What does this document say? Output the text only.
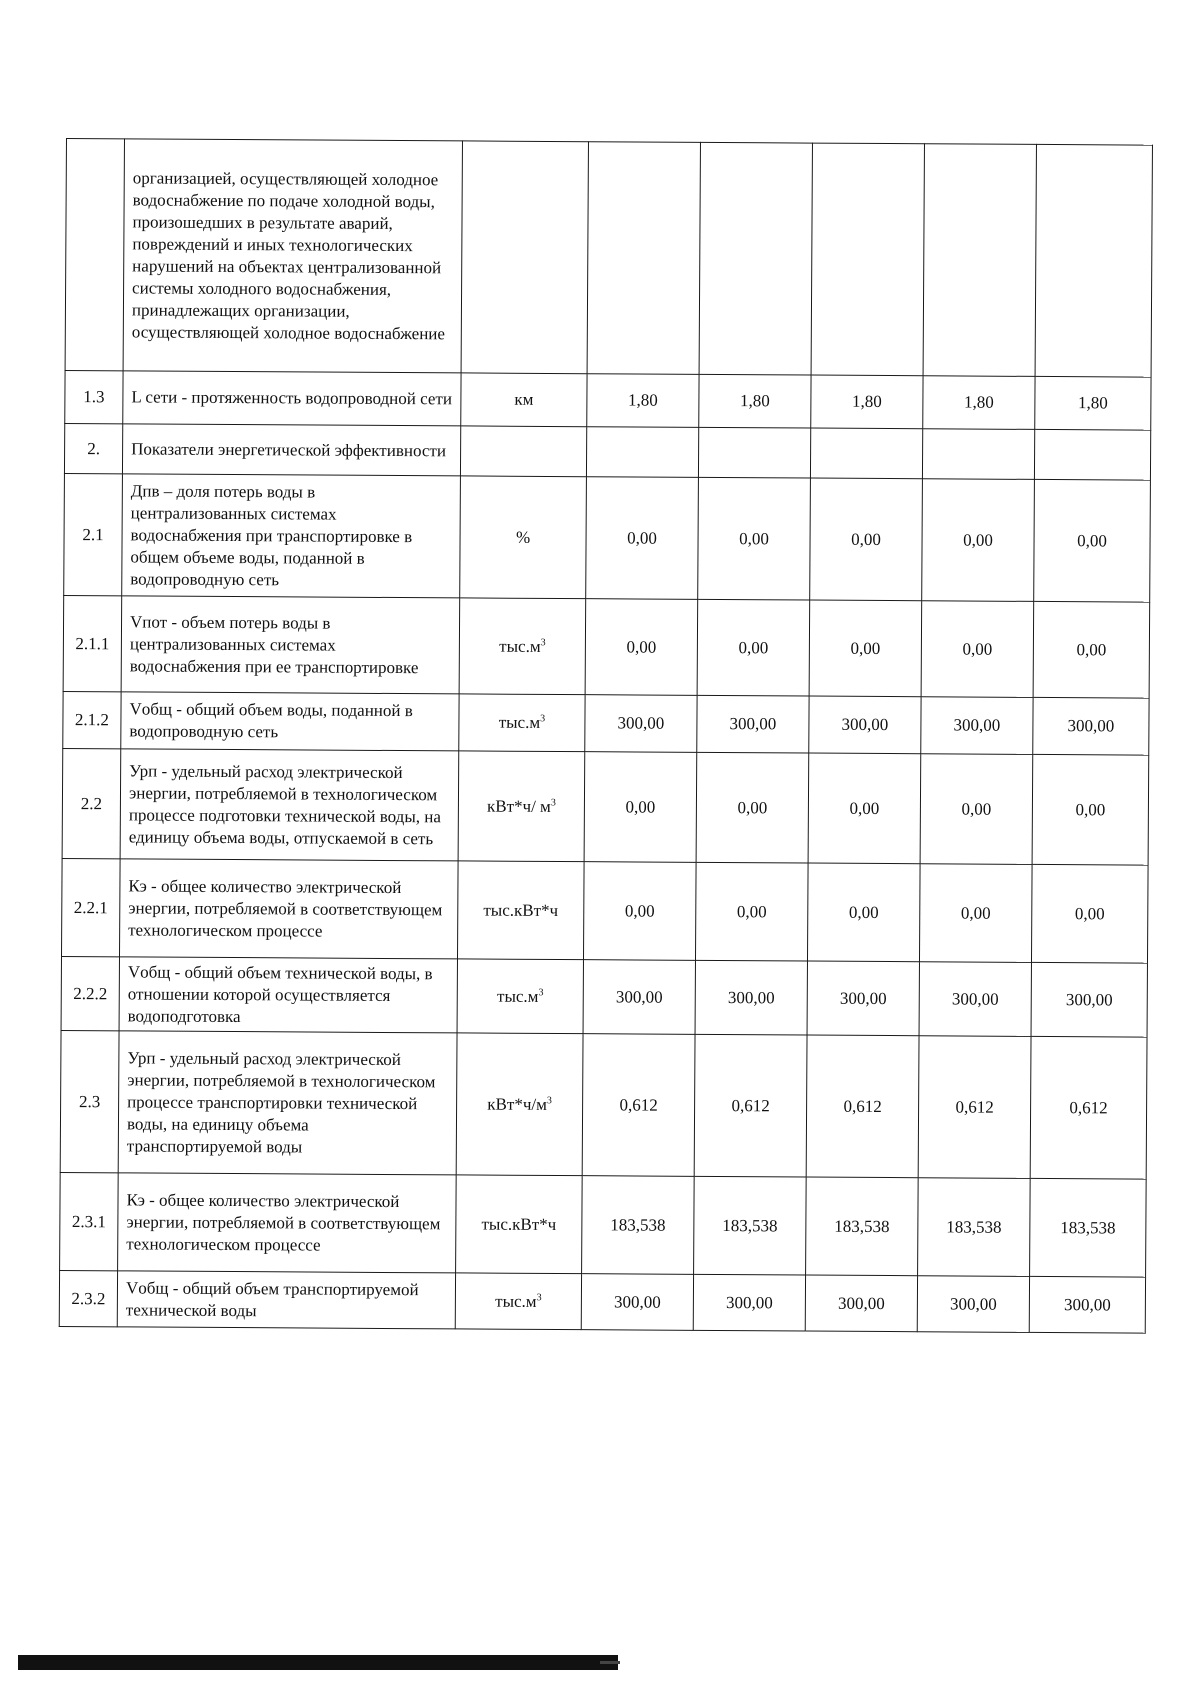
	организацией, осуществляющей холодное водоснабжение по подаче холодной воды, произошедших в результате аварий, повреждений и иных технологических нарушений на объектах централизованной системы холодного водоснабжения, принадлежащих организации, осуществляющей холодное водоснабжение						
1.3	L сети - протяженность водопроводной сети	км	1,80	1,80	1,80	1,80	1,80
2.	Показатели энергетической эффективности						
2.1	Дпв – доля потерь воды в централизованных системах водоснабжения при транспортировке в общем объеме воды, поданной в водопроводную сеть	%	0,00	0,00	0,00	0,00	0,00
2.1.1	Vпот - объем потерь воды в централизованных системах водоснабжения при ее транспортировке	$тыс.м^3$	0,00	0,00	0,00	0,00	0,00
2.1.2	Vобщ - общий объем воды, поданной в водопроводную сеть	$тыс.м^3$	300,00	300,00	300,00	300,00	300,00
2.2	Урп - удельный расход электрической энергии, потребляемой в технологическом процессе подготовки технической воды, на единицу объема воды, отпускаемой в сеть	кВт*ч/ $м^3$	0,00	0,00	0,00	0,00	0,00
2.2.1	Кэ - общее количество электрической энергии, потребляемой в соответствующем технологическом процессе	тыс.кВт*ч	0,00	0,00	0,00	0,00	0,00
2.2.2	Vобщ - общий объем технической воды, в отношении которой осуществляется водоподготовка	$тыс.м^3$	300,00	300,00	300,00	300,00	300,00
2.3	Урп - удельный расход электрической энергии, потребляемой в технологическом процессе транспортировки технической воды, на единицу объема транспортируемой воды	$кВт*ч/м^3$	0,612	0,612	0,612	0,612	0,612
2.3.1	Кэ - общее количество электрической энергии, потребляемой в соответствующем технологическом процессе	тыс.кВт*ч	183,538	183,538	183,538	183,538	183,538
2.3.2	Vобщ - общий объем транспортируемой технической воды	$тыс.м^3$	300,00	300,00	300,00	300,00	300,00
